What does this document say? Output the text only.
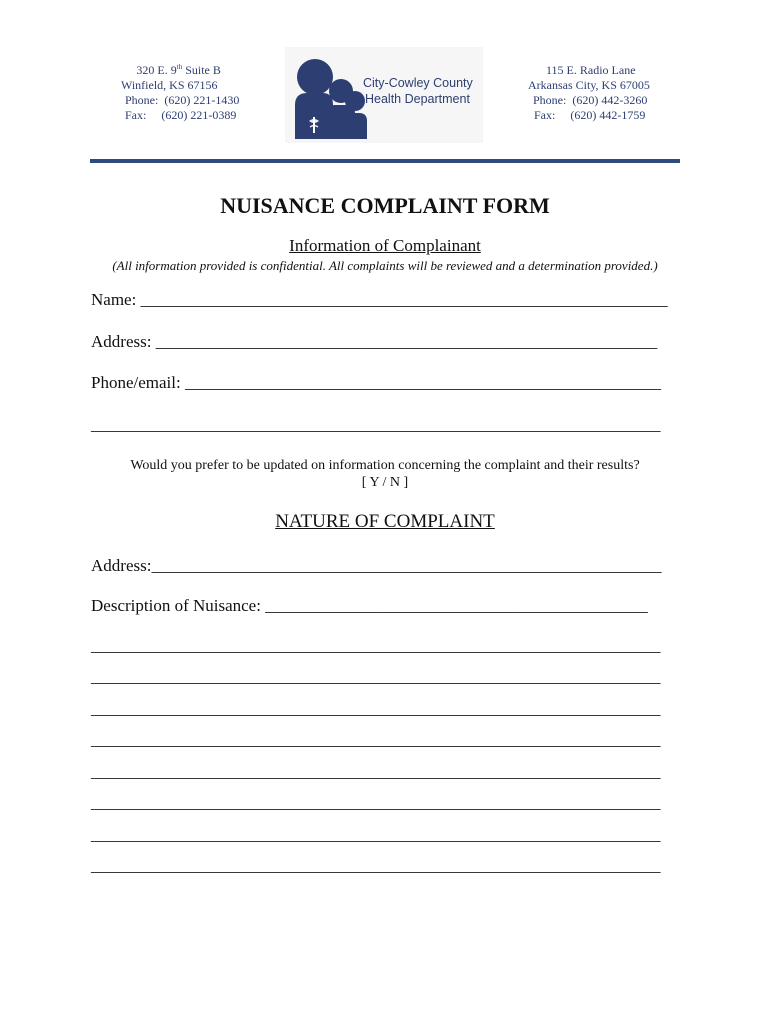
320 E. 9th Suite B
Winfield, KS 67156
Phone:  (620) 221-1430
Fax:     (620) 221-0389
City-Cowley County
Health Department
115 E. Radio Lane
Arkansas City, KS 67005
Phone:  (620) 442-3260
Fax:     (620) 442-1759
NUISANCE COMPLAINT FORM
Information of Complainant
(All information provided is confidential. All complaints will be reviewed and a determination provided.)
Name: ______________________________________________________________
Address: ___________________________________________________________
Phone/email: ________________________________________________________
___________________________________________________________________
Would you prefer to be updated on information concerning the complaint and their results?
[ Y / N ]
NATURE OF COMPLAINT
Address:____________________________________________________________
Description of Nuisance: _____________________________________________
___________________________________________________________________
___________________________________________________________________
___________________________________________________________________
___________________________________________________________________
___________________________________________________________________
___________________________________________________________________
___________________________________________________________________
___________________________________________________________________
